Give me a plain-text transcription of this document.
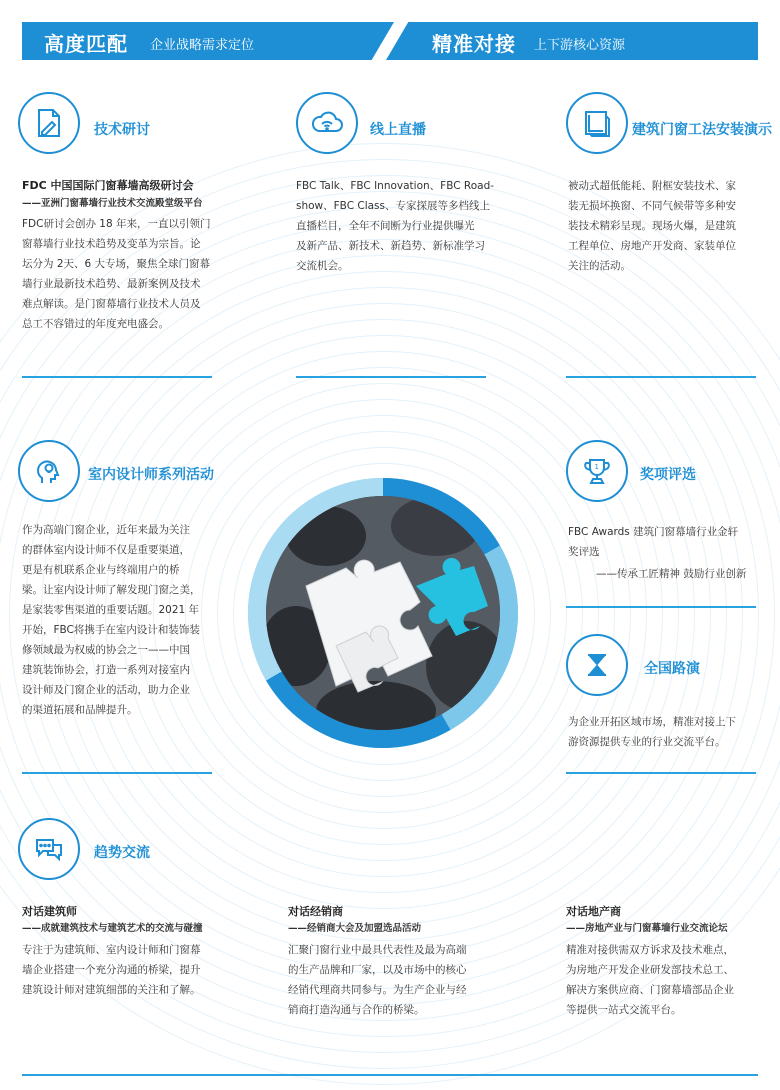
高度匹配 企业战略需求定位	精准对接 上下游核心资源
技术研讨
FDC 中国国际门窗幕墙高级研讨会
——亚洲门窗幕墙行业技术交流殿堂级平台
FDC研讨会创办 18 年来，一直以引领门
窗幕墙行业技术趋势及变革为宗旨。论
坛分为 2天、6 大专场，聚焦全球门窗幕
墙行业最新技术趋势、最新案例及技术
难点解读。是门窗幕墙行业技术人员及
总工不容错过的年度充电盛会。
线上直播
FBC Talk、FBC Innovation、FBC Road-
show、FBC Class、专家探展等多档线上
直播栏目，全年不间断为行业提供曝光
及新产品、新技术、新趋势、新标准学习
交流机会。
建筑门窗工法安装演示
被动式超低能耗、附框安装技术、家
装无损坏换窗、不同气候带等多种安
装技术精彩呈现。现场火爆，是建筑
工程单位、房地产开发商、家装单位
关注的活动。
室内设计师系列活动
作为高端门窗企业，近年来最为关注
的群体室内设计师不仅是重要渠道，
更是有机联系企业与终端用户的桥
梁。让室内设计师了解发现门窗之美，
是家装零售渠道的重要话题。2021 年
开始，FBC将携手在室内设计和装饰装
修领域最为权威的协会之一——中国
建筑装饰协会，打造一系列对接室内
设计师及门窗企业的活动，助力企业
的渠道拓展和品牌提升。
1	奖项评选
FBC Awards 建筑门窗幕墙行业金轩
奖评选
——传承工匠精神 鼓励行业创新
全国路演
为企业开拓区域市场，精准对接上下
游资源提供专业的行业交流平台。
趋势交流
对话建筑师
——成就建筑技术与建筑艺术的交流与碰撞
专注于为建筑师、室内设计师和门窗幕
墙企业搭建一个充分沟通的桥梁，提升
建筑设计师对建筑细部的关注和了解。
对话经销商
——经销商大会及加盟选品活动
汇聚门窗行业中最具代表性及最为高端
的生产品牌和厂家，以及市场中的核心
经销代理商共同参与。为生产企业与经
销商打造沟通与合作的桥梁。
对话地产商
——房地产业与门窗幕墙行业交流论坛
精准对接供需双方诉求及技术难点，
为房地产开发企业研发部技术总工、
解决方案供应商、门窗幕墙部品企业
等提供一站式交流平台。
